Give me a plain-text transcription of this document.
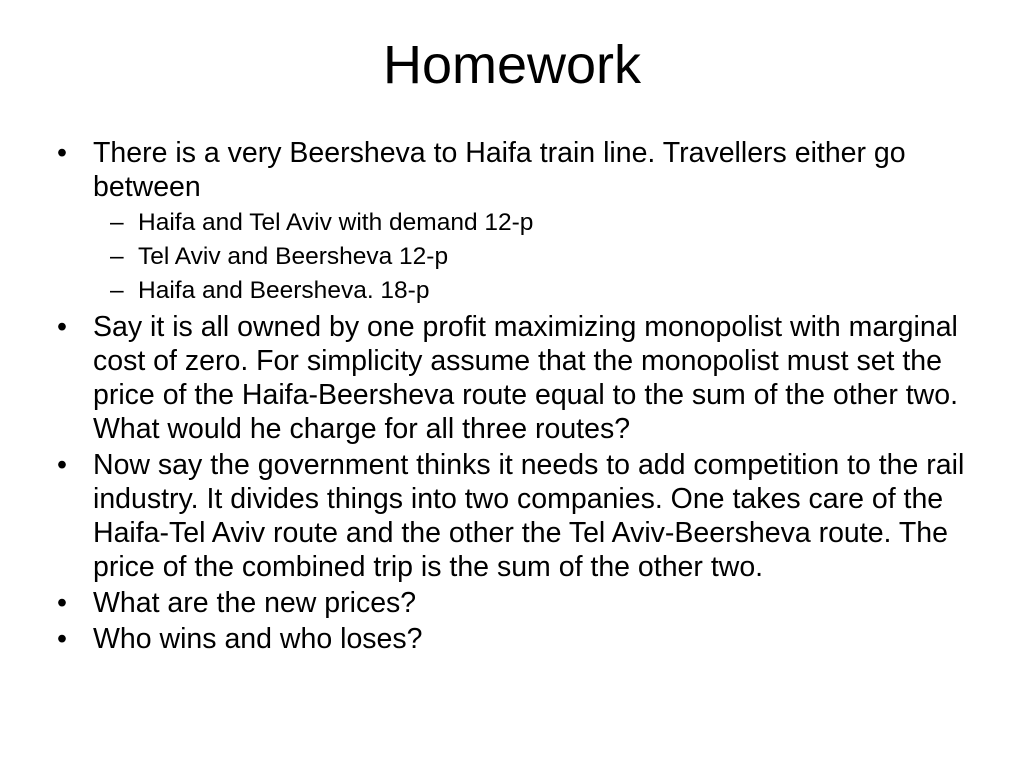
Homework
• There is a very Beersheva to Haifa train line. Travellers either go between
– Haifa and Tel Aviv with demand 12-p
– Tel Aviv and Beersheva 12-p
– Haifa and Beersheva. 18-p
• Say it is all owned by one profit maximizing monopolist with marginal cost of zero. For simplicity assume that the monopolist must set the price of the Haifa-Beersheva route equal to the sum of the other two. What would he charge for all three routes?
• Now say the government thinks it needs to add competition to the rail industry. It divides things into two companies. One takes care of the Haifa-Tel Aviv route and the other the Tel Aviv-Beersheva route. The price of the combined trip is the sum of the other two.
• What are the new prices?
• Who wins and who loses?
